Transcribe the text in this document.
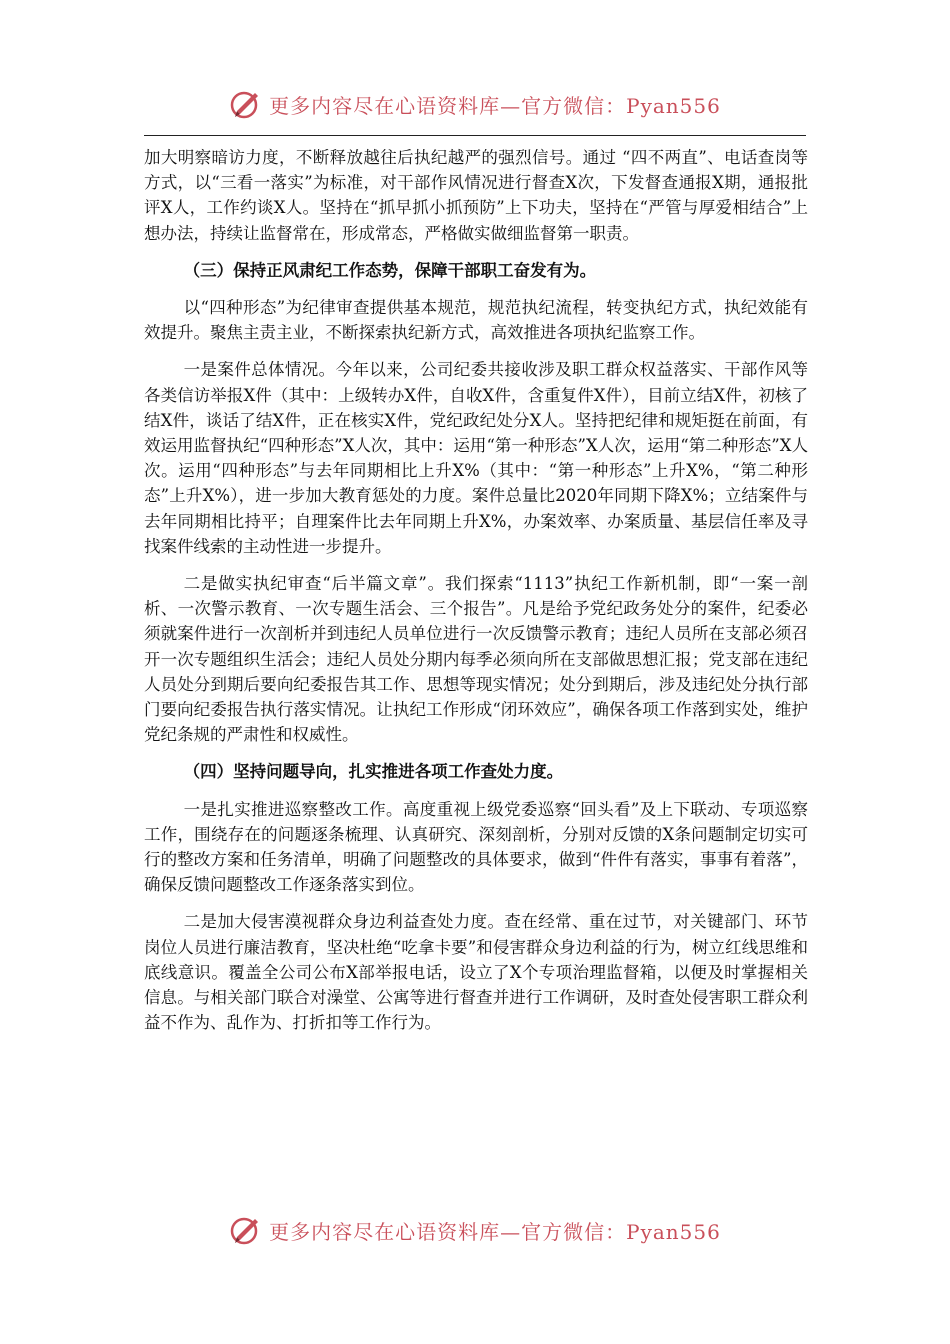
更多内容尽在心语资料库—官方微信：Pyan556

加大明察暗访力度，不断释放越往后执纪越严的强烈信号。通过 “四不两直”、电话查岗等方式，以“三看一落实”为标准，对干部作风情况进行督查X次，下发督查通报X期，通报批评X人，工作约谈X人。坚持在“抓早抓小抓预防”上下功夫，坚持在“严管与厚爱相结合”上想办法，持续让监督常在，形成常态，严格做实做细监督第一职责。

（三）保持正风肃纪工作态势，保障干部职工奋发有为。

以“四种形态”为纪律审查提供基本规范，规范执纪流程，转变执纪方式，执纪效能有效提升。聚焦主责主业，不断探索执纪新方式，高效推进各项执纪监察工作。

一是案件总体情况。今年以来，公司纪委共接收涉及职工群众权益落实、干部作风等各类信访举报X件（其中：上级转办X件，自收X件，含重复件X件），目前立结X件，初核了结X件，谈话了结X件，正在核实X件，党纪政纪处分X人。坚持把纪律和规矩挺在前面，有效运用监督执纪“四种形态”X人次，其中：运用“第一种形态”X人次，运用“第二种形态”X人次。运用“四种形态”与去年同期相比上升X%（其中：“第一种形态”上升X%，“第二种形态”上升X%），进一步加大教育惩处的力度。案件总量比2020年同期下降X%；立结案件与去年同期相比持平；自理案件比去年同期上升X%，办案效率、办案质量、基层信任率及寻找案件线索的主动性进一步提升。

二是做实执纪审查“后半篇文章”。我们探索“1113”执纪工作新机制，即“一案一剖析、一次警示教育、一次专题生活会、三个报告”。凡是给予党纪政务处分的案件，纪委必须就案件进行一次剖析并到违纪人员单位进行一次反馈警示教育；违纪人员所在支部必须召开一次专题组织生活会；违纪人员处分期内每季必须向所在支部做思想汇报；党支部在违纪人员处分到期后要向纪委报告其工作、思想等现实情况；处分到期后，涉及违纪处分执行部门要向纪委报告执行落实情况。让执纪工作形成“闭环效应”，确保各项工作落到实处，维护党纪条规的严肃性和权威性。

（四）坚持问题导向，扎实推进各项工作查处力度。

一是扎实推进巡察整改工作。高度重视上级党委巡察“回头看”及上下联动、专项巡察工作，围绕存在的问题逐条梳理、认真研究、深刻剖析，分别对反馈的X条问题制定切实可行的整改方案和任务清单，明确了问题整改的具体要求，做到“件件有落实，事事有着落”，确保反馈问题整改工作逐条落实到位。

二是加大侵害漠视群众身边利益查处力度。查在经常、重在过节，对关键部门、环节岗位人员进行廉洁教育，坚决杜绝“吃拿卡要”和侵害群众身边利益的行为，树立红线思维和底线意识。覆盖全公司公布X部举报电话，设立了X个专项治理监督箱，以便及时掌握相关信息。与相关部门联合对澡堂、公寓等进行督查并进行工作调研，及时查处侵害职工群众利益不作为、乱作为、打折扣等工作行为。

更多内容尽在心语资料库—官方微信：Pyan556
